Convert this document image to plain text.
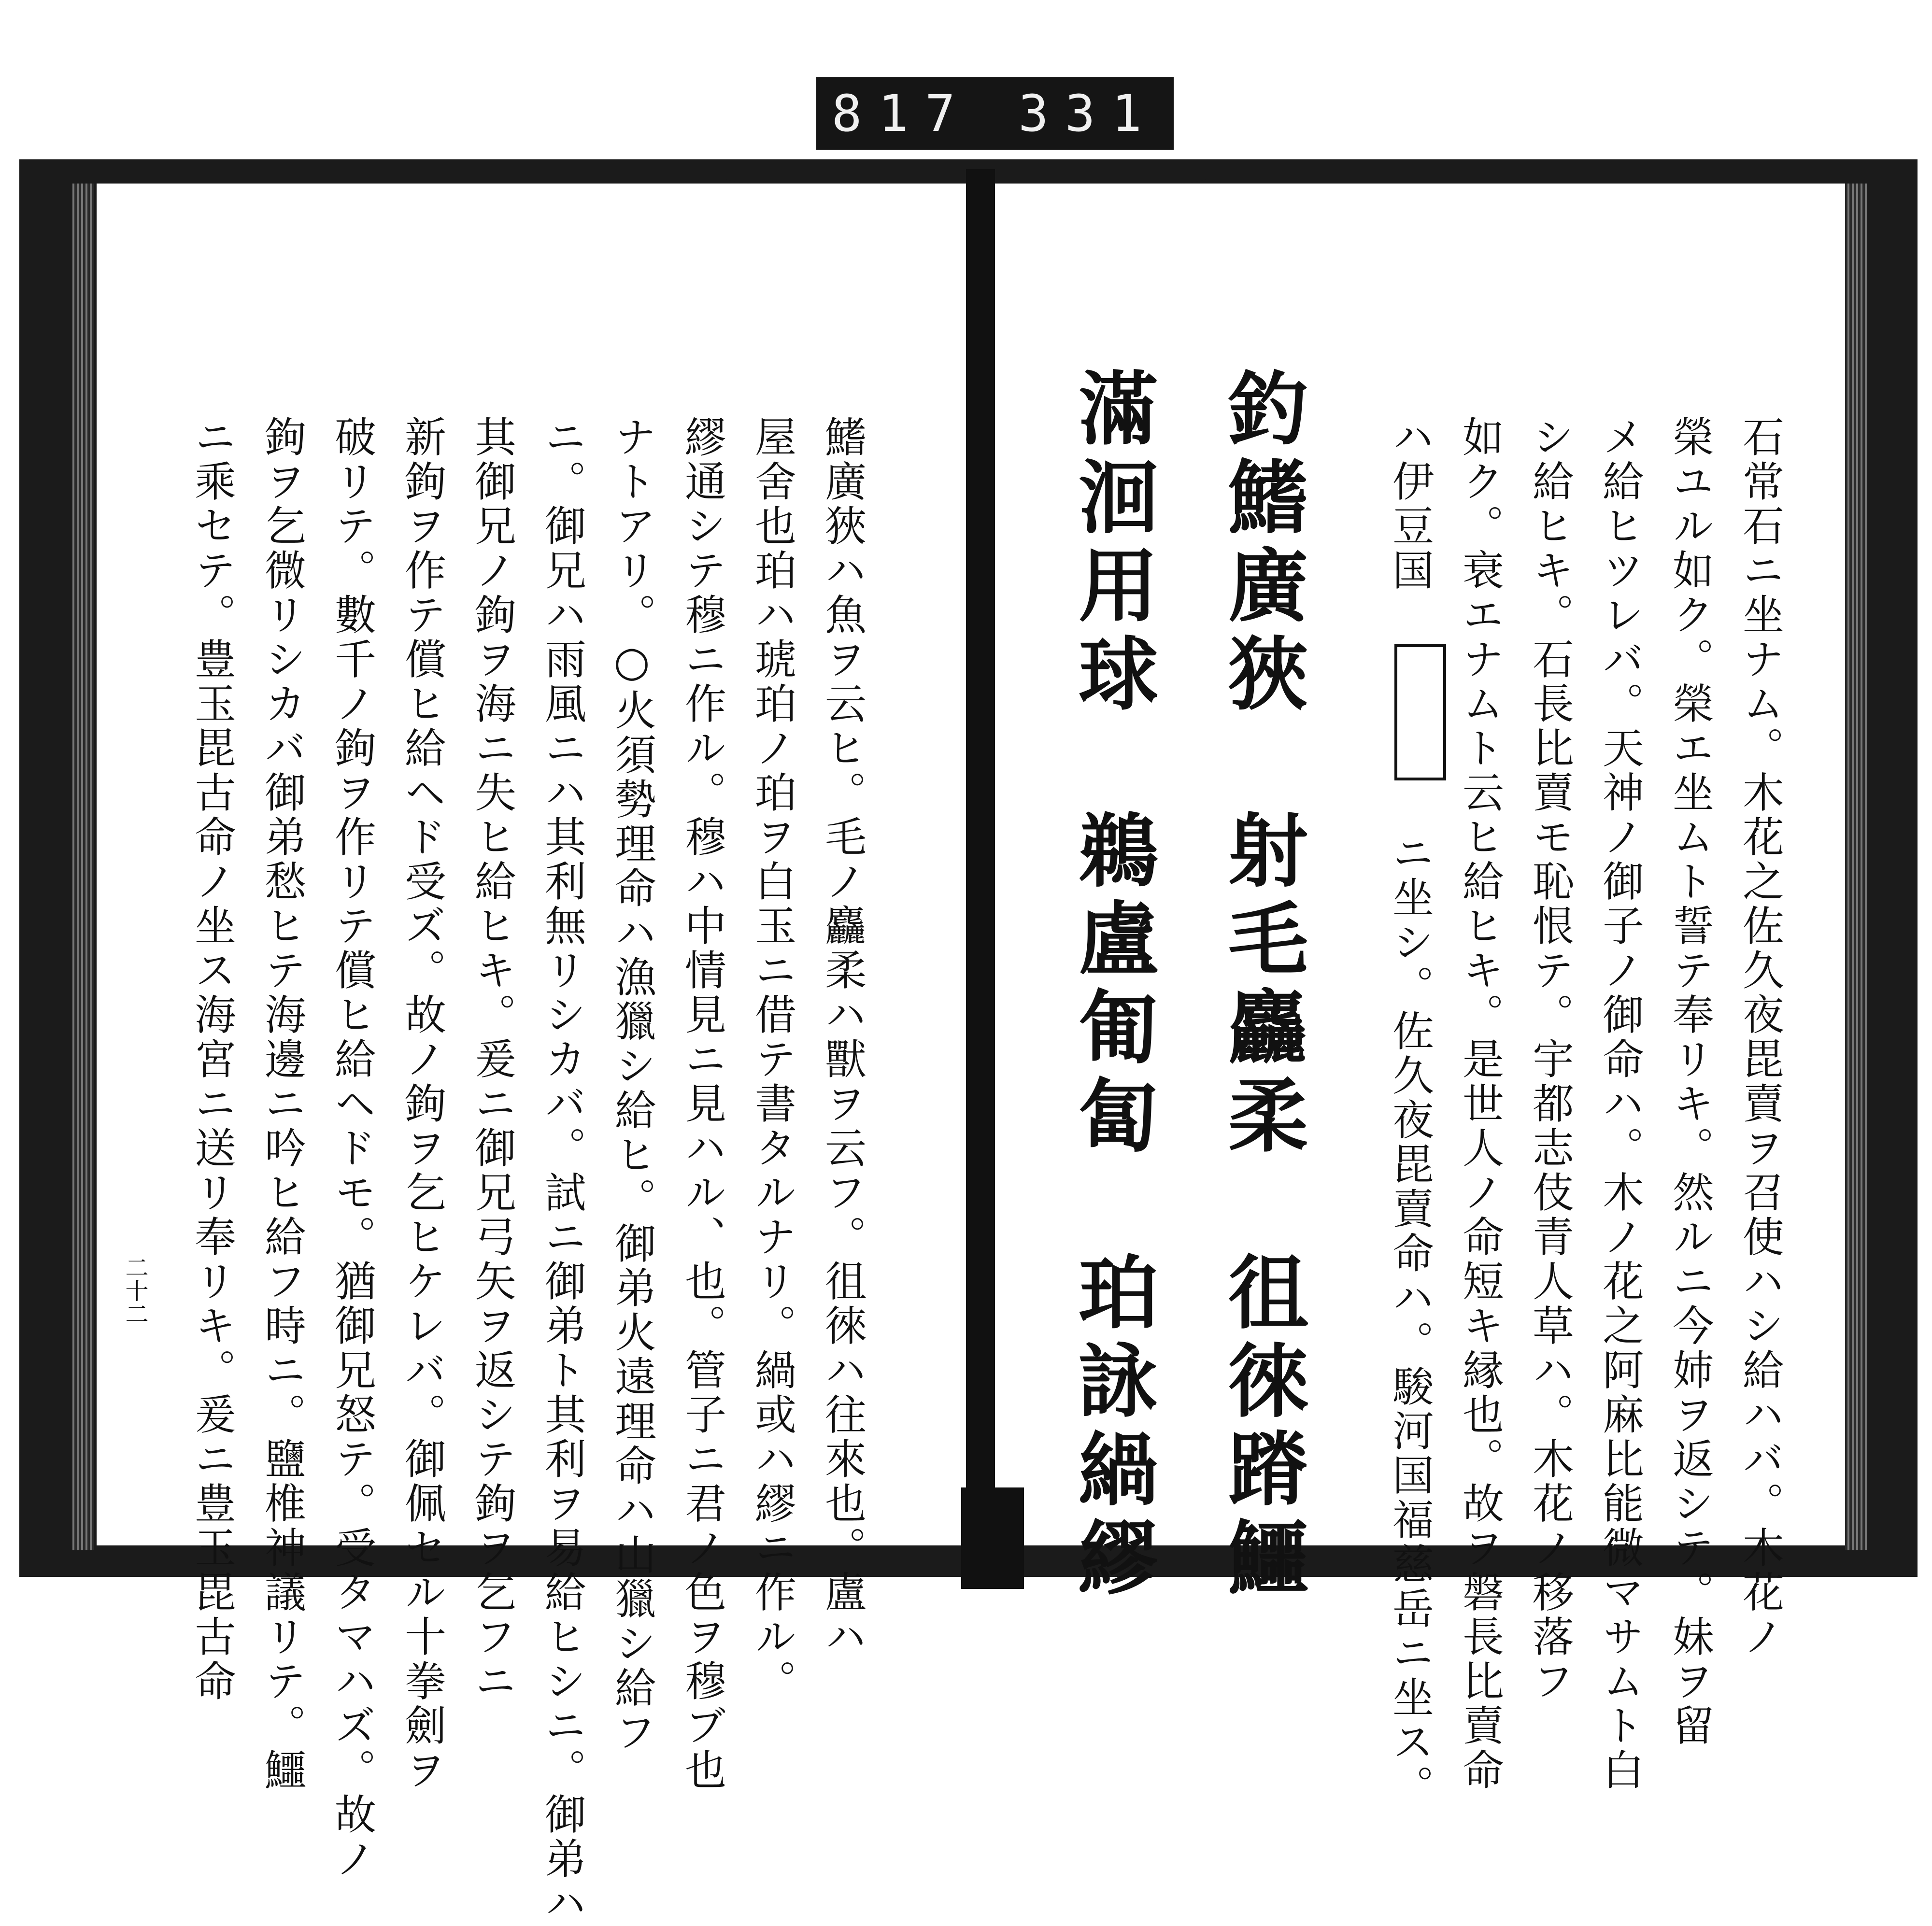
817 331
石常石ニ坐ナム。木花之佐久夜毘賣ヲ召使ハシ給ハバ。木花ノ
榮ユル如ク。榮エ坐ムト誓テ奉リキ。然ルニ今姉ヲ返シテ。妹ヲ留
メ給ヒツレバ。天神ノ御子ノ御命ハ。木ノ花之阿麻比能微マサムト白
シ給ヒキ。石長比賣モ恥恨テ。宇都志伎青人草ハ。木花ノ移落フ
如ク。衰エナムト云ヒ給ヒキ。是世人ノ命短キ縁也。故ヲ磐長比賣命
ハ伊豆国  ニ坐シ。佐久夜毘賣命ハ。駿河国福慈岳ニ坐ス。
釣鰭廣狹　射毛麤柔　徂徠蹐鱷
滿洄用球　鵜盧匍匐　珀詠緺繆
鰭廣狹ハ魚ヲ云ヒ。毛ノ麤柔ハ獸ヲ云フ。徂徠ハ往來也。盧ハ
屋舍也珀ハ琥珀ノ珀ヲ白玉ニ借テ書タルナリ。緺或ハ繆ニ作ル。
繆通シテ穆ニ作ル。穆ハ中情見ニ見ハル、也。管子ニ君ノ色ヲ穆ブ也
ナトアリ。○火須勢理命ハ漁獵シ給ヒ。御弟火遠理命ハ山獵シ給フ
ニ。御兄ハ雨風ニハ其利無リシカバ。試ニ御弟ト其利ヲ易給ヒシニ。御弟ハ
其御兄ノ鉤ヲ海ニ失ヒ給ヒキ。爰ニ御兄弓矢ヲ返シテ鉤ヲ乞フニ
新鉤ヲ作テ償ヒ給ヘド受ズ。故ノ鉤ヲ乞ヒケレバ。御佩セル十拳劍ヲ
破リテ。數千ノ鉤ヲ作リテ償ヒ給ヘドモ。猶御兄怒テ。受タマハズ。故ノ
鉤ヲ乞微リシカバ御弟愁ヒテ海邊ニ吟ヒ給フ時ニ。鹽椎神議リテ。鱷
ニ乘セテ。豊玉毘古命ノ坐ス海宮ニ送リ奉リキ。爰ニ豊玉毘古命
二十二
